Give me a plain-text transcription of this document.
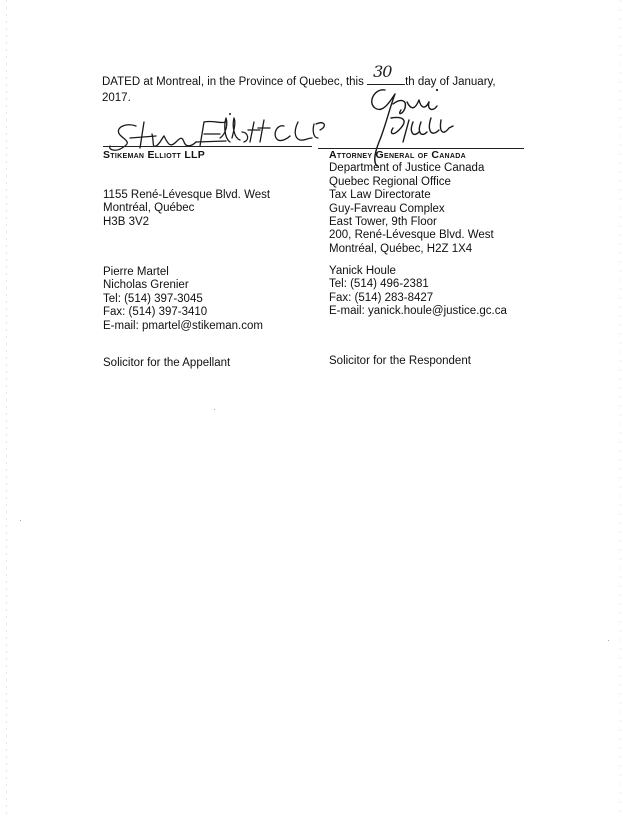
DATED at Montreal, in the Province of Quebec, this
30
th day of January,
2017.
Stikeman Elliott LLP
1155 René-Lévesque Blvd. West
Montréal, Québec
H3B 3V2
Pierre Martel
Nicholas Grenier
Tel: (514) 397-3045
Fax: (514) 397-3410
E-mail: pmartel@stikeman.com
Solicitor for the Appellant
Attorney General of Canada
Department of Justice Canada
Quebec Regional Office
Tax Law Directorate
Guy-Favreau Complex
East Tower, 9th Floor
200, René-Lévesque Blvd. West
Montréal, Québec, H2Z 1X4
Yanick Houle
Tel: (514) 496-2381
Fax: (514) 283-8427
E-mail: yanick.houle@justice.gc.ca
Solicitor for the Respondent
